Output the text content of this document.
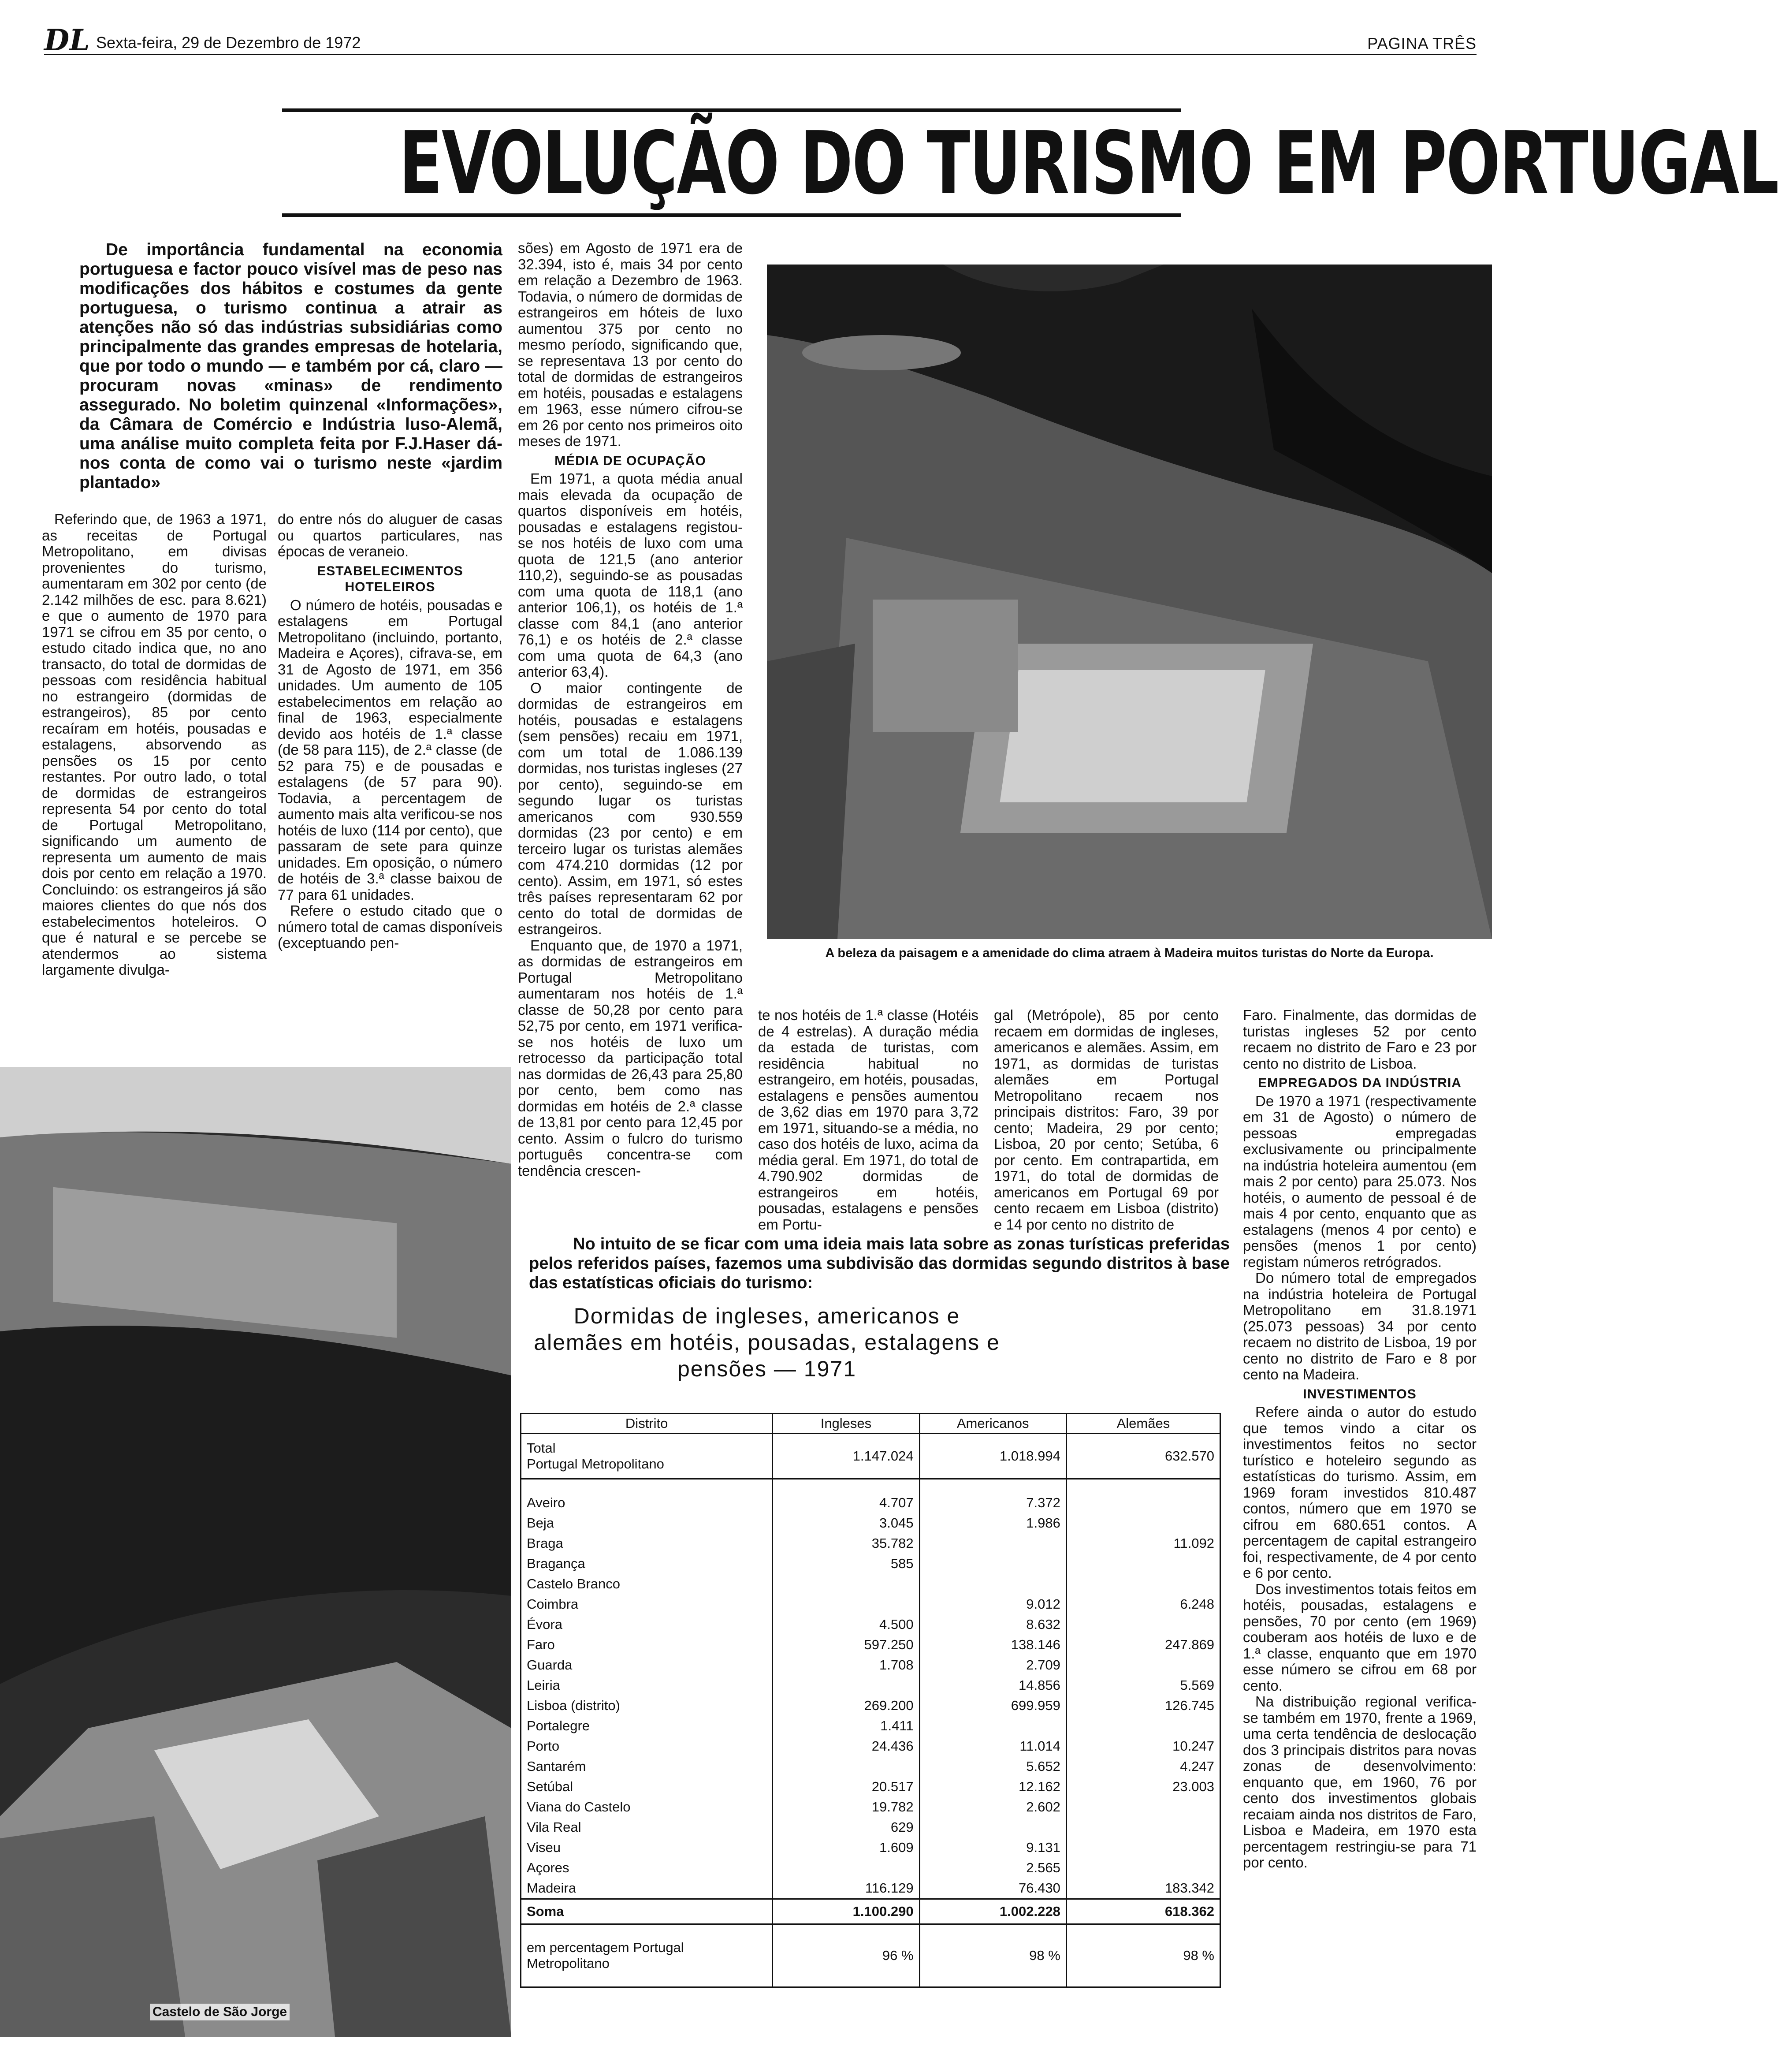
DL Sexta-feira, 29 de Dezembro de 1972	PAGINA TRÊS
EVOLUÇÃO DO TURISMO EM PORTUGAL

De importância fundamental na economia portuguesa e factor pouco visível mas de peso nas modificações dos hábitos e costumes da gente portuguesa, o turismo continua a atrair as atenções não só das indústrias subsidiárias como principalmente das grandes empresas de hotelaria, que por todo o mundo — e também por cá, claro — procuram novas «minas» de rendimento assegurado. No boletim quinzenal «Informações», da Câmara de Comércio e Indústria luso-Alemã, uma análise muito completa feita por F.J.Haser dá-nos conta de como vai o turismo neste «jardim plantado»

Referindo que, de 1963 a 1971, as receitas de Portugal Metropolitano, em divisas provenientes do turismo, aumentaram em 302 por cento (de 2.142 milhões de esc. para 8.621) e que o aumento de 1970 para 1971 se cifrou em 35 por cento, o estudo citado indica que, no ano transacto, do total de dormidas de pessoas com residência habitual no estrangeiro (dormidas de estrangeiros), 85 por cento recaíram em hotéis, pousadas e estalagens, absorvendo as pensões os 15 por cento restantes. Por outro lado, o total de dormidas de estrangeiros representa 54 por cento do total de Portugal Metropolitano, significando um aumento de representa um aumento de mais dois por cento em relação a 1970. Concluindo: os estrangeiros já são maiores clientes do que nós dos estabelecimentos hoteleiros. O que é natural e se percebe se atendermos ao sistema largamente divulga-

do entre nós do aluguer de casas ou quartos particulares, nas épocas de veraneio.

ESTABELECIMENTOS HOTELEIROS

O número de hotéis, pousadas e estalagens em Portugal Metropolitano (incluindo, portanto, Madeira e Açores), cifrava-se, em 31 de Agosto de 1971, em 356 unidades. Um aumento de 105 estabelecimentos em relação ao final de 1963, especialmente devido aos hotéis de 1.ª classe (de 58 para 115), de 2.ª classe (de 52 para 75) e de pousadas e estalagens (de 57 para 90). Todavia, a percentagem de aumento mais alta verificou-se nos hotéis de luxo (114 por cento), que passaram de sete para quinze unidades. Em oposição, o número de hotéis de 3.ª classe baixou de 77 para 61 unidades.

Refere o estudo citado que o número total de camas disponíveis (exceptuando pen-

sões) em Agosto de 1971 era de 32.394, isto é, mais 34 por cento em relação a Dezembro de 1963. Todavia, o número de dormidas de estrangeiros em hóteis de luxo aumentou 375 por cento no mesmo período, significando que, se representava 13 por cento do total de dormidas de estrangeiros em hotéis, pousadas e estalagens em 1963, esse número cifrou-se em 26 por cento nos primeiros oito meses de 1971.

MÉDIA DE OCUPAÇÃO

Em 1971, a quota média anual mais elevada da ocupação de quartos disponíveis em hotéis, pousadas e estalagens registou-se nos hotéis de luxo com uma quota de 121,5 (ano anterior 110,2), seguindo-se as pousadas com uma quota de 118,1 (ano anterior 106,1), os hotéis de 1.ª classe com 84,1 (ano anterior 76,1) e os hotéis de 2.ª classe com uma quota de 64,3 (ano anterior 63,4).

O maior contingente de dormidas de estrangeiros em hotéis, pousadas e estalagens (sem pensões) recaiu em 1971, com um total de 1.086.139 dormidas, nos turistas ingleses (27 por cento), seguindo-se em segundo lugar os turistas americanos com 930.559 dormidas (23 por cento) e em terceiro lugar os turistas alemães com 474.210 dormidas (12 por cento). Assim, em 1971, só estes três países representaram 62 por cento do total de dormidas de estrangeiros.

Enquanto que, de 1970 a 1971, as dormidas de estrangeiros em Portugal Metropolitano aumentaram nos hotéis de 1.ª classe de 50,28 por cento para 52,75 por cento, em 1971 verifica-se nos hotéis de luxo um retrocesso da participação total nas dormidas de 26,43 para 25,80 por cento, bem como nas dormidas em hotéis de 2.ª classe de 13,81 por cento para 12,45 por cento. Assim o fulcro do turismo português concentra-se com tendência crescen-

A beleza da paisagem e a amenidade do clima atraem à Madeira muitos turistas do Norte da Europa.
Castelo de São Jorge

te nos hotéis de 1.ª classe (Hotéis de 4 estrelas). A duração média da estada de turistas, com residência habitual no estrangeiro, em hotéis, pousadas, estalagens e pensões aumentou de 3,62 dias em 1970 para 3,72 em 1971, situando-se a média, no caso dos hotéis de luxo, acima da média geral. Em 1971, do total de 4.790.902 dormidas de estrangeiros em hotéis, pousadas, estalagens e pensões em Portu-

gal (Metrópole), 85 por cento recaem em dormidas de ingleses, americanos e alemães. Assim, em 1971, as dormidas de turistas alemães em Portugal Metropolitano recaem nos principais distritos: Faro, 39 por cento; Madeira, 29 por cento; Lisboa, 20 por cento; Setúba, 6 por cento. Em contrapartida, em 1971, do total de dormidas de americanos em Portugal 69 por cento recaem em Lisboa (distrito) e 14 por cento no distrito de

Faro. Finalmente, das dormidas de turistas ingleses 52 por cento recaem no distrito de Faro e 23 por cento no distrito de Lisboa.

EMPREGADOS DA INDÚSTRIA

De 1970 a 1971 (respectivamente em 31 de Agosto) o número de pessoas empregadas exclusivamente ou principalmente na indústria hoteleira aumentou (em mais 2 por cento) para 25.073. Nos hotéis, o aumento de pessoal é de mais 4 por cento, enquanto que as estalagens (menos 4 por cento) e pensões (menos 1 por cento) registam números retrógrados.

Do número total de empregados na indústria hoteleira de Portugal Metropolitano em 31.8.1971 (25.073 pessoas) 34 por cento recaem no distrito de Lisboa, 19 por cento no distrito de Faro e 8 por cento na Madeira.

INVESTIMENTOS

Refere ainda o autor do estudo que temos vindo a citar os investimentos feitos no sector turístico e hoteleiro segundo as estatísticas do turismo. Assim, em 1969 foram investidos 810.487 contos, número que em 1970 se cifrou em 680.651 contos. A percentagem de capital estrangeiro foi, respectivamente, de 4 por cento e 6 por cento.

Dos investimentos totais feitos em hotéis, pousadas, estalagens e pensões, 70 por cento (em 1969) couberam aos hotéis de luxo e de 1.ª classe, enquanto que em 1970 esse número se cifrou em 68 por cento.

Na distribuição regional verifica-se também em 1970, frente a 1969, uma certa tendência de deslocação dos 3 principais distritos para novas zonas de desenvolvimento: enquanto que, em 1960, 76 por cento dos investimentos globais recaiam ainda nos distritos de Faro, Lisboa e Madeira, em 1970 esta percentagem restringiu-se para 71 por cento.

No intuito de se ficar com uma ideia mais lata sobre as zonas turísticas preferidas pelos referidos países, fazemos uma subdivisão das dormidas segundo distritos à base das estatísticas oficiais do turismo:

Dormidas de ingleses, americanos e alemães em hotéis, pousadas, estalagens e pensões — 1971
Distrito	Ingleses	Americanos	Alemães
Total
Portugal Metropolitano	1.147.024	1.018.994	632.570

Aveiro	4.707	7.372	
Beja	3.045	1.986	
Braga	35.782		11.092
Bragança	585		
Castelo Branco			
Coimbra		9.012	6.248
Évora	4.500	8.632	
Faro	597.250	138.146	247.869
Guarda	1.708	2.709	
Leiria		14.856	5.569
Lisboa (distrito)	269.200	699.959	126.745
Portalegre	1.411		
Porto	24.436	11.014	10.247
Santarém		5.652	4.247
Setúbal	20.517	12.162	23.003
Viana do Castelo	19.782	2.602	
Vila Real	629		
Viseu	1.609	9.131	
Açores		2.565	
Madeira	116.129	76.430	183.342
Soma	1.100.290	1.002.228	618.362
em percentagem Portugal Metropolitano	96 %	98 %	98 %
